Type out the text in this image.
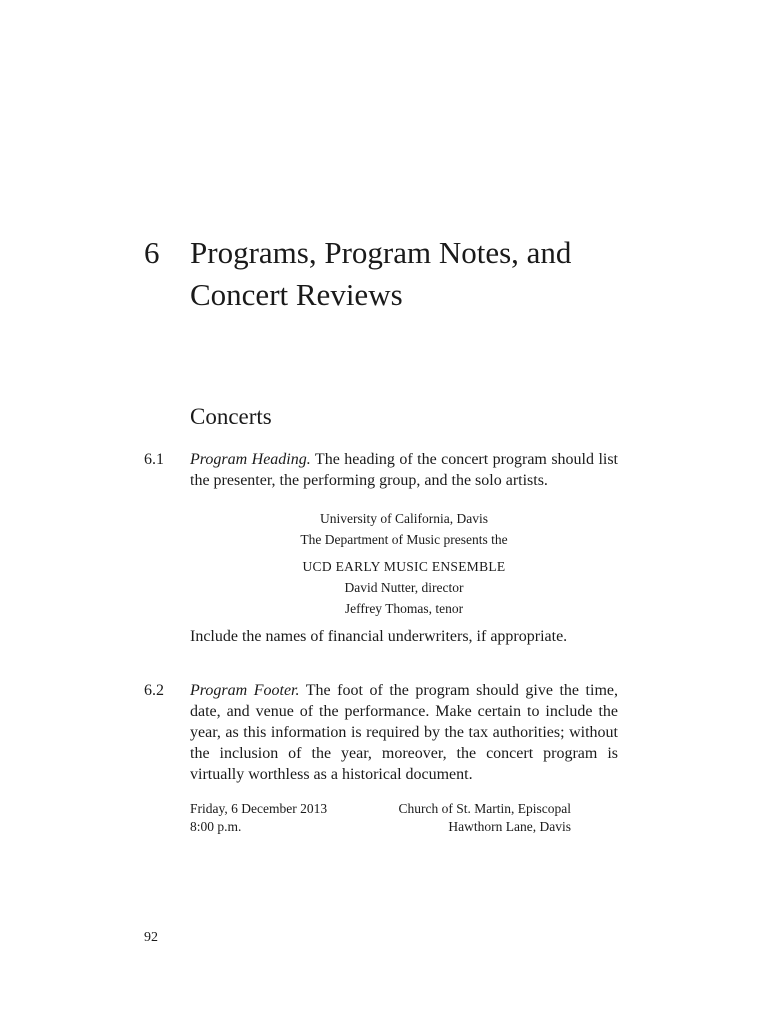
6 Programs, Program Notes, and Concert Reviews
Concerts
6.1 Program Heading. The heading of the concert program should list the presenter, the performing group, and the solo artists.
University of California, Davis
The Department of Music presents the
UCD EARLY MUSIC ENSEMBLE
David Nutter, director
Jeffrey Thomas, tenor
Include the names of financial underwriters, if appropriate.
6.2 Program Footer. The foot of the program should give the time, date, and venue of the performance. Make certain to include the year, as this information is required by the tax authorities; without the inclusion of the year, moreover, the concert program is virtually worthless as a historical document.
Friday, 6 December 2013	Church of St. Martin, Episcopal
8:00 p.m.	Hawthorn Lane, Davis
92
